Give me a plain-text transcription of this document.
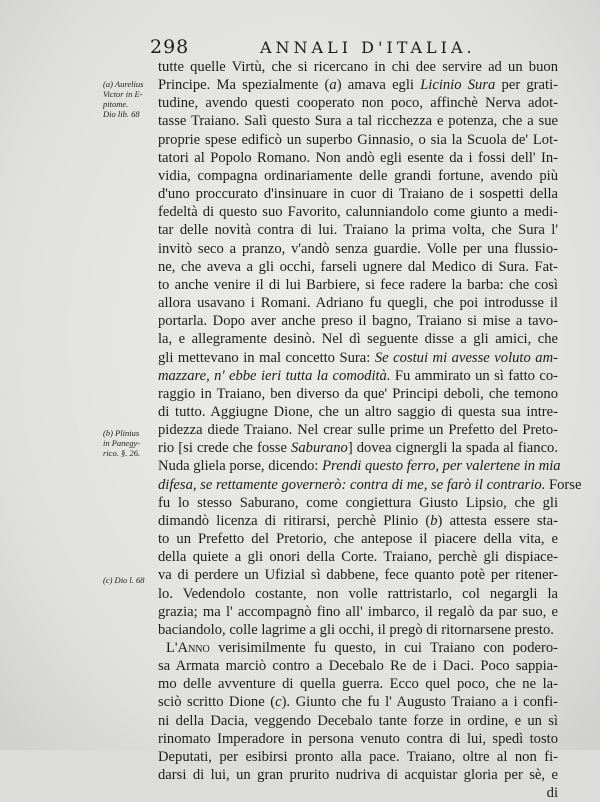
· · ·
· · ·
298	ANNALI D'ITALIA.
(a) Aurelius
Victor in E-
pitome.
Dio lib. 68
(b) Plinius
in Panegy-
rico. §. 26.
(c) Dio l. 68
tutte quelle Virtù, che si ricercano in chi dee servire ad un buon
Principe. Ma spezialmente (a) amava egli Licinio Sura per grati-
tudine, avendo questi cooperato non poco, affinchè Nerva adot-
tasse Traiano. Salì questo Sura a tal ricchezza e potenza, che a sue
proprie spese edificò un superbo Ginnasio, o sia la Scuola de' Lot-
tatori al Popolo Romano. Non andò egli esente da i fossi dell' In-
vidia, compagna ordinariamente delle grandi fortune, avendo più
d'uno proccurato d'insinuare in cuor di Traiano de i sospetti della
fedeltà di questo suo Favorito, calunniandolo come giunto a medi-
tar delle novità contra di lui. Traiano la prima volta, che Sura l'
invitò seco a pranzo, v'andò senza guardie. Volle per una flussio-
ne, che aveva a gli occhi, farseli ugnere dal Medico di Sura. Fat-
to anche venire il di lui Barbiere, si fece radere la barba: che così
allora usavano i Romani. Adriano fu quegli, che poi introdusse il
portarla. Dopo aver anche preso il bagno, Traiano si mise a tavo-
la, e allegramente desinò. Nel dì seguente disse a gli amici, che
gli mettevano in mal concetto Sura: Se costui mi avesse voluto am-
mazzare, n' ebbe ieri tutta la comodità. Fu ammirato un sì fatto co-
raggio in Traiano, ben diverso da que' Principi deboli, che temono
di tutto. Aggiugne Dione, che un altro saggio di questa sua intre-
pidezza diede Traiano. Nel crear sulle prime un Prefetto del Preto-
rio [si crede che fosse Saburano] dovea cignergli la spada al fianco.
Nuda gliela porse, dicendo: Prendi questo ferro, per valertene in mia
difesa, se rettamente governerò: contra di me, se farò il contrario. Forse
fu lo stesso Saburano, come congiettura Giusto Lipsio, che gli
dimandò licenza di ritirarsi, perchè Plinio (b) attesta essere sta-
to un Prefetto del Pretorio, che antepose il piacere della vita, e
della quiete a gli onori della Corte. Traiano, perchè gli dispiace-
va di perdere un Ufizial sì dabbene, fece quanto potè per ritener-
lo. Vedendolo costante, non volle rattristarlo, col negargli la
grazia; ma l' accompagnò fino all' imbarco, il regalò da par suo, e
baciandolo, colle lagrime a gli occhi, il pregò di ritornarsene presto.
L'Anno verisimilmente fu questo, in cui Traiano con podero-
sa Armata marciò contro a Decebalo Re de i Daci. Poco sappia-
mo delle avventure di quella guerra. Ecco quel poco, che ne la-
sciò scritto Dione (c). Giunto che fu l' Augusto Traiano a i confi-
ni della Dacia, veggendo Decebalo tante forze in ordine, e un sì
rinomato Imperadore in persona venuto contra di lui, spedì tosto
Deputati, per esibirsi pronto alla pace. Traiano, oltre al non fi-
darsi di lui, un gran prurito nudriva di acquistar gloria per sè, e
di
